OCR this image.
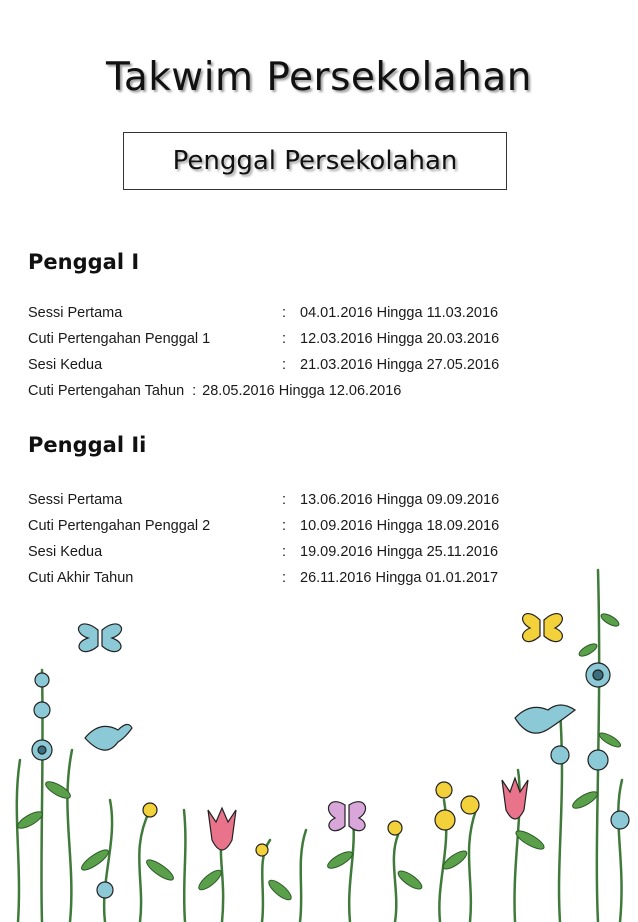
Takwim Persekolahan
Penggal Persekolahan
Penggal I
Sessi Pertama	: 04.01.2016 Hingga 11.03.2016
Cuti Pertengahan Penggal 1	: 12.03.2016 Hingga 20.03.2016
Sesi Kedua	: 21.03.2016 Hingga 27.05.2016
Cuti Pertengahan Tahun : 28.05.2016 Hingga 12.06.2016
Penggal Ii
Sessi Pertama	: 13.06.2016 Hingga 09.09.2016
Cuti Pertengahan Penggal 2	: 10.09.2016 Hingga 18.09.2016
Sesi Kedua	: 19.09.2016 Hingga 25.11.2016
Cuti Akhir Tahun	: 26.11.2016 Hingga 01.01.2017
